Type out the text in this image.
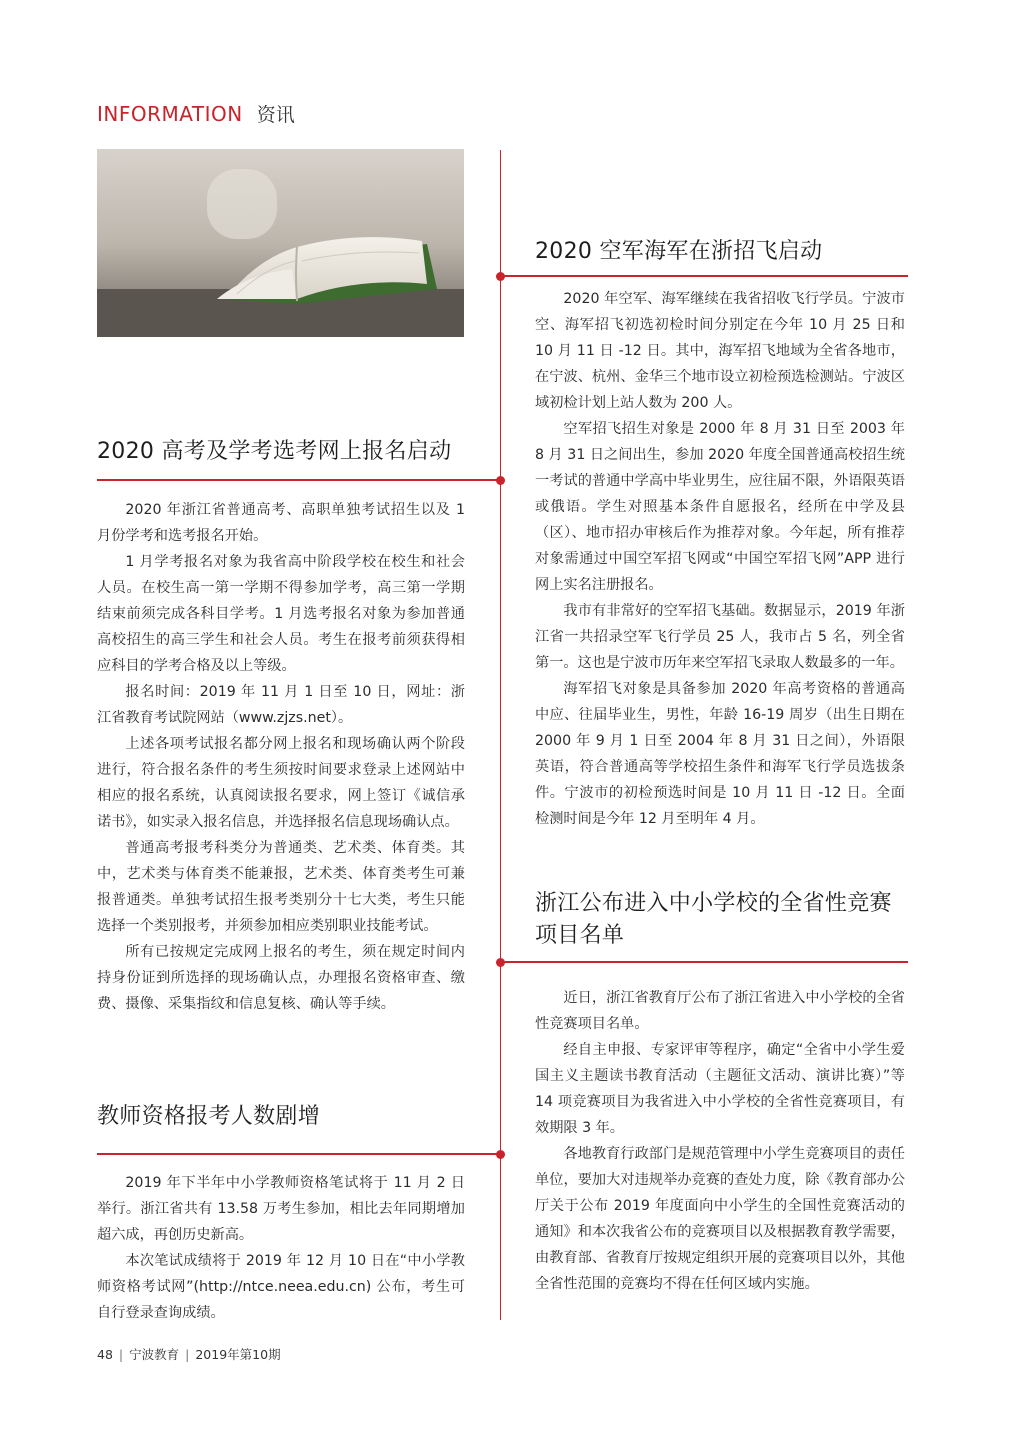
INFORMATION 资讯
2020 高考及学考选考网上报名启动

2020 年浙江省普通高考、高职单独考试招生以及 1 月份学考和选考报名开始。

1 月学考报名对象为我省高中阶段学校在校生和社会人员。在校生高一第一学期不得参加学考，高三第一学期结束前须完成各科目学考。1 月选考报名对象为参加普通高校招生的高三学生和社会人员。考生在报考前须获得相应科目的学考合格及以上等级。

报名时间：2019 年 11 月 1 日至 10 日，网址：浙江省教育考试院网站（www.zjzs.net）。

上述各项考试报名都分网上报名和现场确认两个阶段进行，符合报名条件的考生须按时间要求登录上述网站中相应的报名系统，认真阅读报名要求，网上签订《诚信承诺书》，如实录入报名信息，并选择报名信息现场确认点。

普通高考报考科类分为普通类、艺术类、体育类。其中，艺术类与体育类不能兼报，艺术类、体育类考生可兼报普通类。单独考试招生报考类别分十七大类，考生只能选择一个类别报考，并须参加相应类别职业技能考试。

所有已按规定完成网上报名的考生，须在规定时间内持身份证到所选择的现场确认点，办理报名资格审查、缴费、摄像、采集指纹和信息复核、确认等手续。

教师资格报考人数剧增

2019 年下半年中小学教师资格笔试将于 11 月 2 日举行。浙江省共有 13.58 万考生参加，相比去年同期增加超六成，再创历史新高。

本次笔试成绩将于 2019 年 12 月 10 日在“中小学教师资格考试网”(http://ntce.neea.edu.cn) 公布，考生可自行登录查询成绩。

2020 空军海军在浙招飞启动

2020 年空军、海军继续在我省招收飞行学员。宁波市空、海军招飞初选初检时间分别定在今年 10 月 25 日和 10 月 11 日 -12 日。其中，海军招飞地域为全省各地市，在宁波、杭州、金华三个地市设立初检预选检测站。宁波区域初检计划上站人数为 200 人。

空军招飞招生对象是 2000 年 8 月 31 日至 2003 年 8 月 31 日之间出生，参加 2020 年度全国普通高校招生统一考试的普通中学高中毕业男生，应往届不限，外语限英语或俄语。学生对照基本条件自愿报名，经所在中学及县（区）、地市招办审核后作为推荐对象。今年起，所有推荐对象需通过中国空军招飞网或“中国空军招飞网”APP 进行网上实名注册报名。

我市有非常好的空军招飞基础。数据显示，2019 年浙江省一共招录空军飞行学员 25 人，我市占 5 名，列全省第一。这也是宁波市历年来空军招飞录取人数最多的一年。

海军招飞对象是具备参加 2020 年高考资格的普通高中应、往届毕业生，男性，年龄 16-19 周岁（出生日期在 2000 年 9 月 1 日至 2004 年 8 月 31 日之间），外语限英语，符合普通高等学校招生条件和海军飞行学员选拔条件。宁波市的初检预选时间是 10 月 11 日 -12 日。全面检测时间是今年 12 月至明年 4 月。

浙江公布进入中小学校的全省性竞赛项目名单

近日，浙江省教育厅公布了浙江省进入中小学校的全省性竞赛项目名单。

经自主申报、专家评审等程序，确定“全省中小学生爱国主义主题读书教育活动（主题征文活动、演讲比赛）”等 14 项竞赛项目为我省进入中小学校的全省性竞赛项目，有效期限 3 年。

各地教育行政部门是规范管理中小学生竞赛项目的责任单位，要加大对违规举办竞赛的查处力度，除《教育部办公厅关于公布 2019 年度面向中小学生的全国性竞赛活动的通知》和本次我省公布的竞赛项目以及根据教育教学需要，由教育部、省教育厅按规定组织开展的竞赛项目以外，其他全省性范围的竞赛均不得在任何区域内实施。

48 | 宁波教育 | 2019年第10期
